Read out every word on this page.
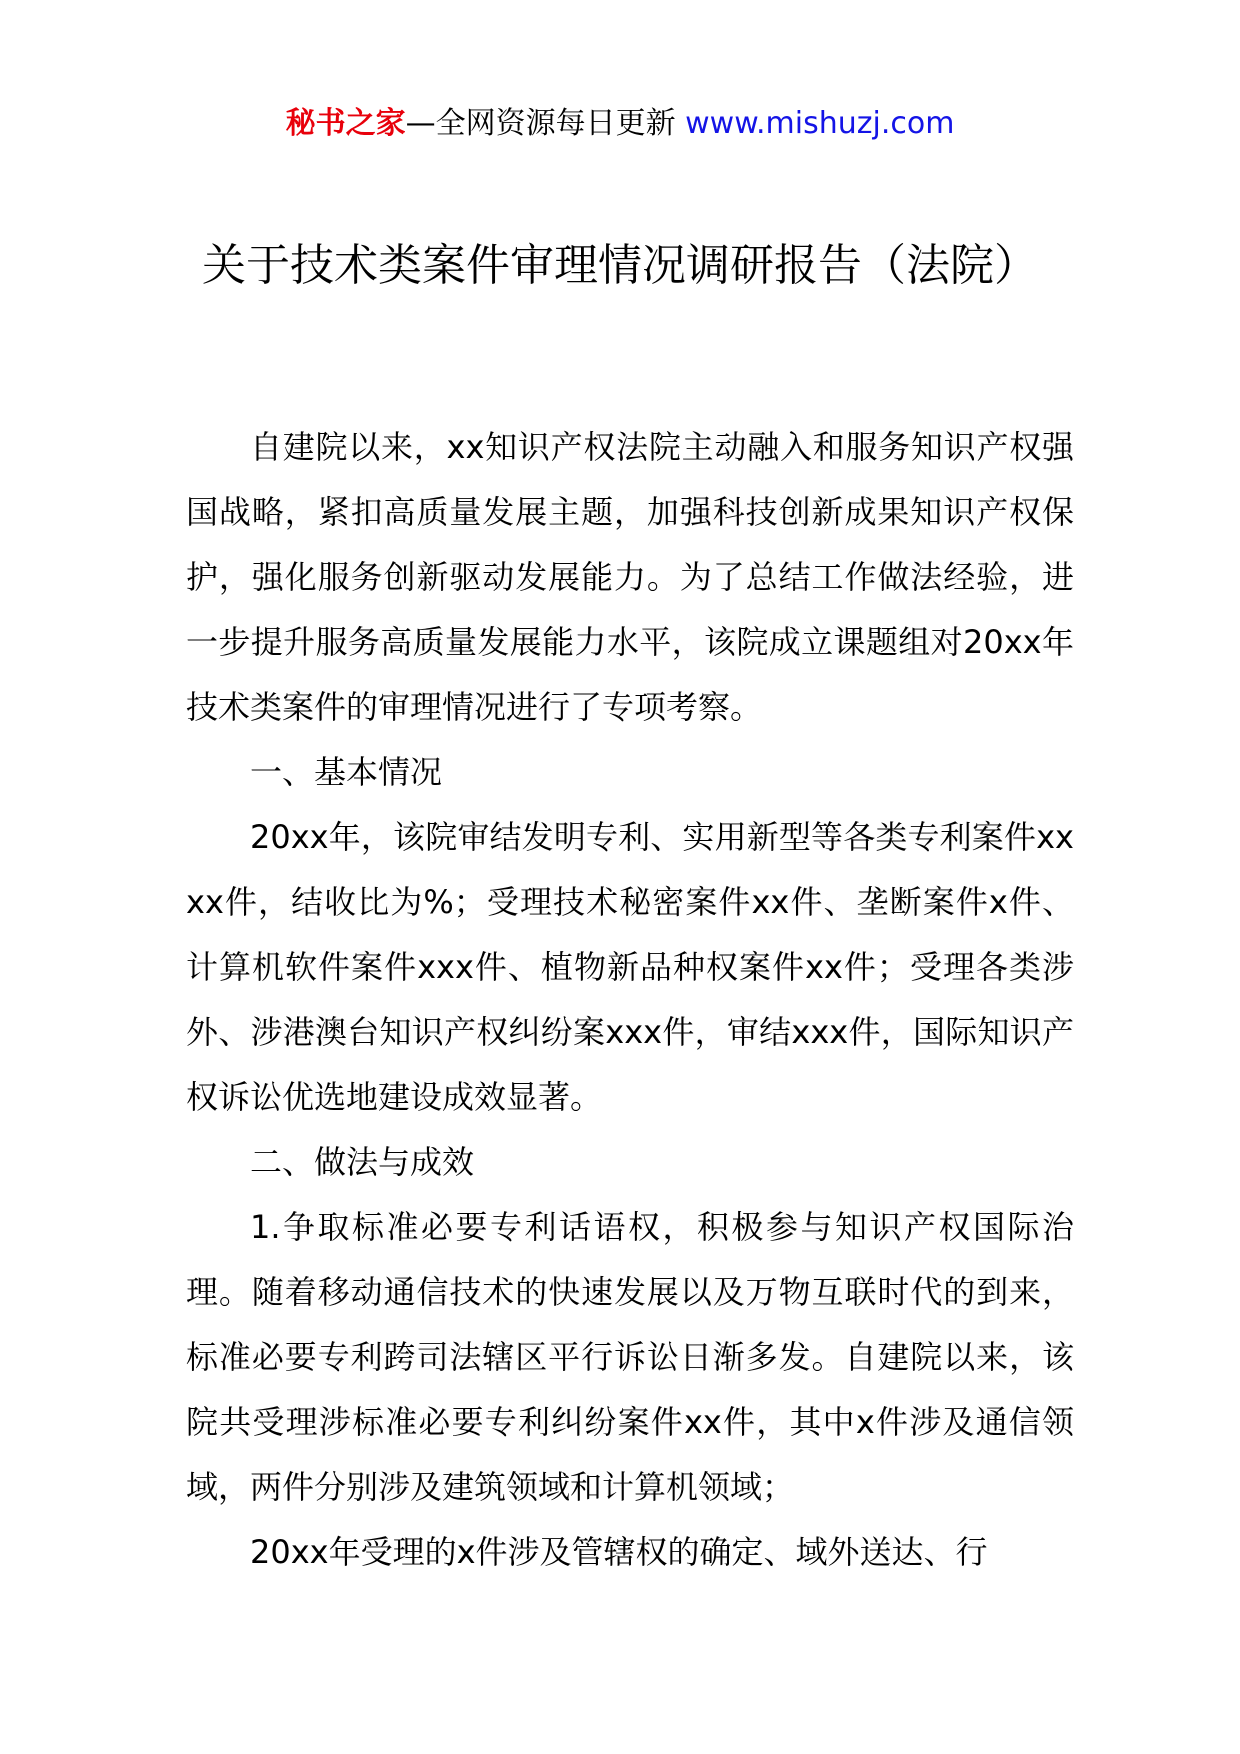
秘书之家—全网资源每日更新 www.mishuzj.com
关于技术类案件审理情况调研报告（法院）

自建院以来，xx知识产权法院主动融入和服务知识产权强国战略，紧扣高质量发展主题，加强科技创新成果知识产权保护，强化服务创新驱动发展能力。为了总结工作做法经验，进一步提升服务高质量发展能力水平，该院成立课题组对20xx年技术类案件的审理情况进行了专项考察。

一、基本情况

20xx年，该院审结发明专利、实用新型等各类专利案件xxxx件，结收比为%；受理技术秘密案件xx件、垄断案件x件、计算机软件案件xxx件、植物新品种权案件xx件；受理各类涉外、涉港澳台知识产权纠纷案xxx件，审结xxx件，国际知识产权诉讼优选地建设成效显著。

二、做法与成效

1.争取标准必要专利话语权，积极参与知识产权国际治理。随着移动通信技术的快速发展以及万物互联时代的到来，标准必要专利跨司法辖区平行诉讼日渐多发。自建院以来，该院共受理涉标准必要专利纠纷案件xx件，其中x件涉及通信领域，两件分别涉及建筑领域和计算机领域；

20xx年受理的x件涉及管辖权的确定、域外送达、行
